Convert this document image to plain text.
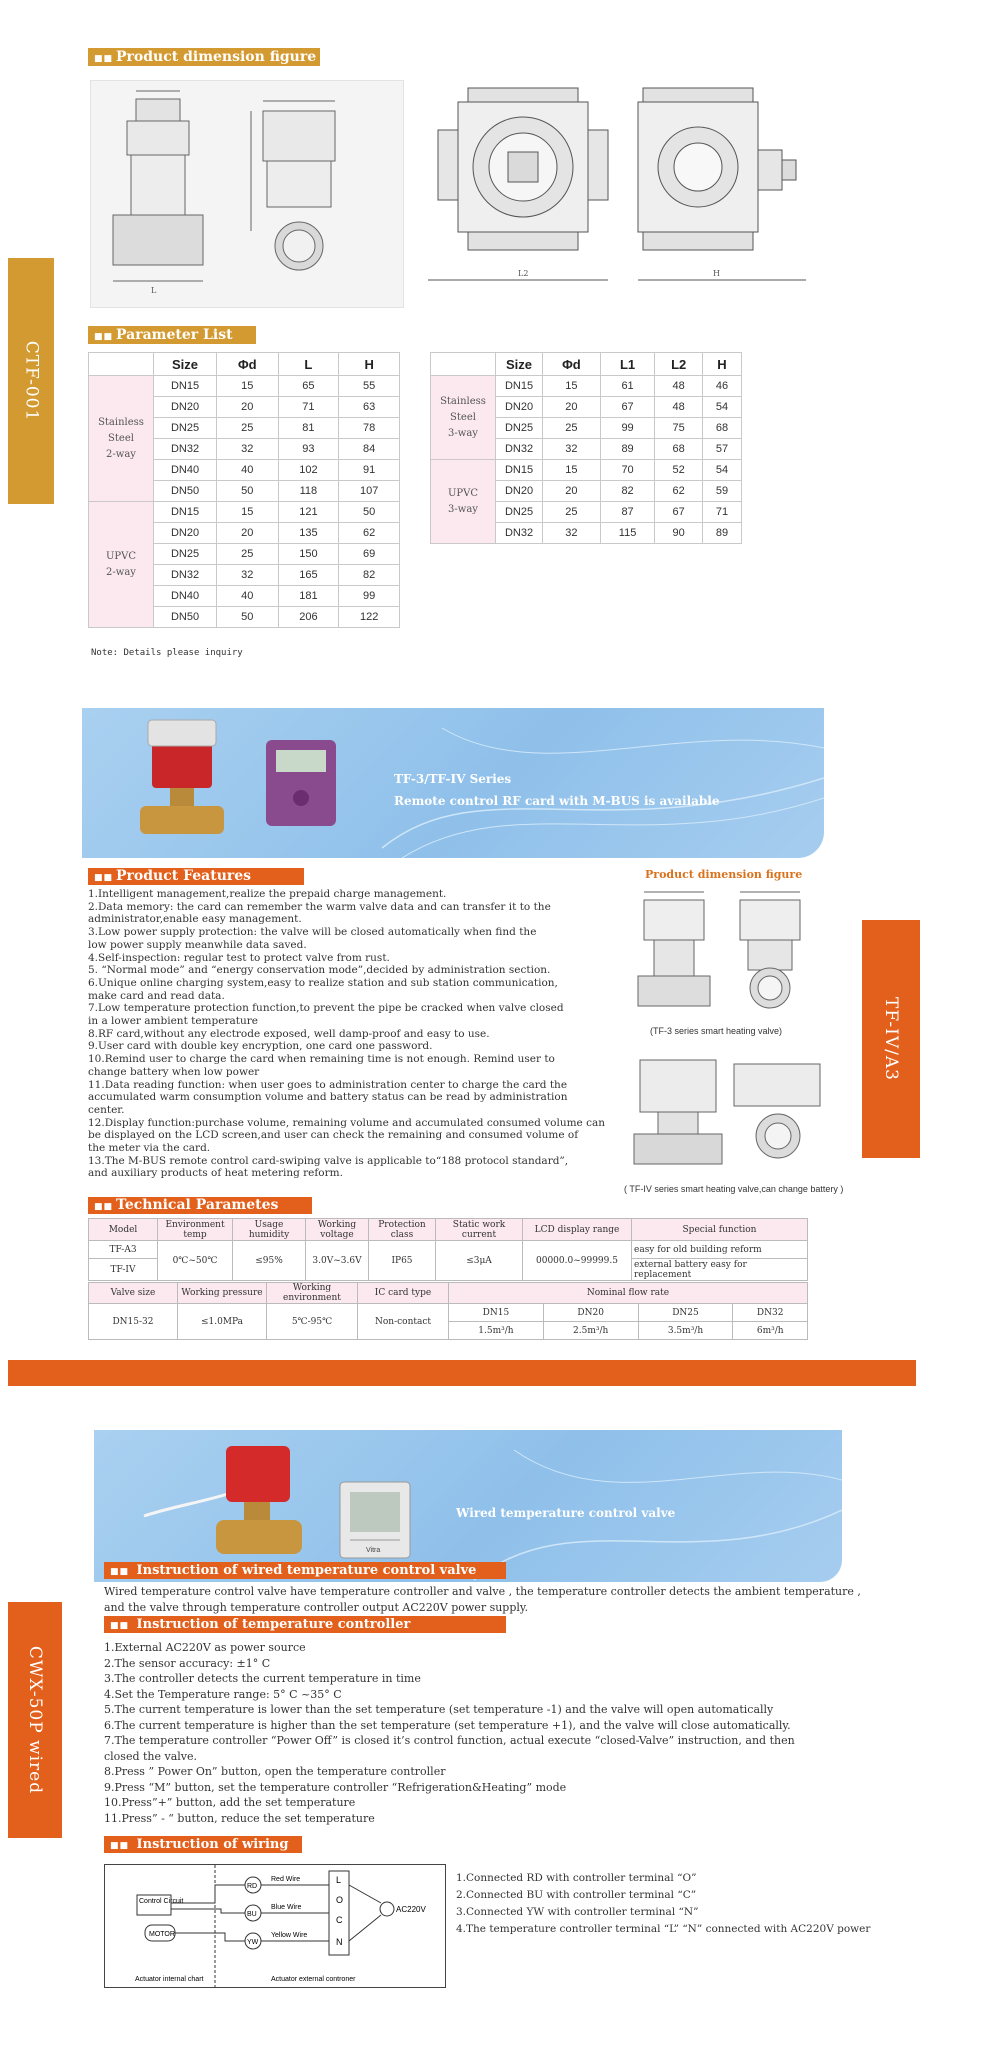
■■ Product dimension figure
CTF-001
L
L2	H
■■ Parameter List
	Size	Φd	L	H
Stainless
Steel
2-way	DN15	15	65	55
	DN20	20	71	63
	DN25	25	81	78
	DN32	32	93	84
	DN40	40	102	91
	DN50	50	118	107
UPVC
2-way	DN15	15	121	50
	DN20	20	135	62
	DN25	25	150	69
	DN32	32	165	82
	DN40	40	181	99
	DN50	50	206	122
	Size	Φd	L1	L2	H
Stainless
Steel
3-way	DN15	15	61	48	46
	DN20	20	67	48	54
	DN25	25	99	75	68
	DN32	32	89	68	57
UPVC
3-way	DN15	15	70	52	54
	DN20	20	82	62	59
	DN25	25	87	67	71
	DN32	32	115	90	89
Note: Details please inquiry
TF-3/TF-IV Series
Remote control RF card with M-BUS is available
■■ Product Features
1.Intelligent management,realize the prepaid charge management.
2.Data memory: the card can remember the warm valve data and can transfer it to the
administrator,enable easy management.
3.Low power supply protection: the valve will be closed automatically when find the
low power supply meanwhile data saved.
4.Self-inspection: regular test to protect valve from rust.
5. “Normal mode” and “energy conservation mode”,decided by administration section.
6.Unique online charging system,easy to realize station and sub station communication,
make card and read data.
7.Low temperature protection function,to prevent the pipe be cracked when valve closed
in a lower ambient temperature
8.RF card,without any electrode exposed, well damp-proof and easy to use.
9.User card with double key encryption, one card one password.
10.Remind user to charge the card when remaining time is not enough. Remind user to
change battery when low power
11.Data reading function: when user goes to administration center to charge the card the
accumulated warm consumption volume and battery status can be read by administration
center.
12.Display function:purchase volume, remaining volume and accumulated consumed volume can
be displayed on the LCD screen,and user can check the remaining and consumed volume of
the meter via the card.
13.The M-BUS remote control card-swiping valve is applicable to“188 protocol standard”,
and auxiliary products of heat metering reform.
Product dimension figure
(TF-3 series smart heating valve)
( TF-IV series smart heating valve,can change battery )
TF-IV/A3
■■ Technical Parametes
Model	Environment temp	Usage humidity	Working voltage	Protection class	Static work current	LCD display range	Special function
TF-A3	0℃~50℃	≤95%	3.0V~3.6V	IP65	≤3μA	00000.0~99999.5	easy for old building reform
TF-IV							external battery easy for replacement
Valve size	Working pressure	Working environment	IC card type	Nominal flow rate			
DN15-32	≤1.0MPa	5℃-95℃	Non-contact	DN15	DN20	DN25	DN32
				1.5m³/h	2.5m³/h	3.5m³/h	6m³/h
Vitra
Wired temperature control valve
CWX-50P wired
■■ Instruction of wired temperature control valve
Wired temperature control valve have temperature controller and valve , the temperature controller detects the ambient temperature ,
and the valve through temperature controller output AC220V power supply.
■■ Instruction of temperature controller
1.External AC220V as power source
2.The sensor accuracy: ±1° C
3.The controller detects the current temperature in time
4.Set the Temperature range: 5° C ~35° C
5.The current temperature is lower than the set temperature (set temperature -1) and the valve will open automatically
6.The current temperature is higher than the set temperature (set temperature +1), and the valve will close automatically.
7.The temperature controller “Power Off” is closed it’s control function, actual execute “closed-Valve” instruction, and then
closed the valve.
8.Press ” Power On” button, open the temperature controller
9.Press “M” button, set the temperature controller “Refrigeration&Heating” mode
10.Press”+” button, add the set temperature
11.Press” - “ button, reduce the set temperature
■■ Instruction of wiring
Control Circuit
MOTOR
RD
BU
YW
Red Wire
Blue Wire
Yellow Wire
L
O
C
N
AC220V
Actuator internal chart	Actuator external controner
1.Connected RD with controller terminal “O”
2.Connected BU with controller terminal “C”
3.Connected YW with controller terminal “N”
4.The temperature controller terminal “L” “N” connected with AC220V power
